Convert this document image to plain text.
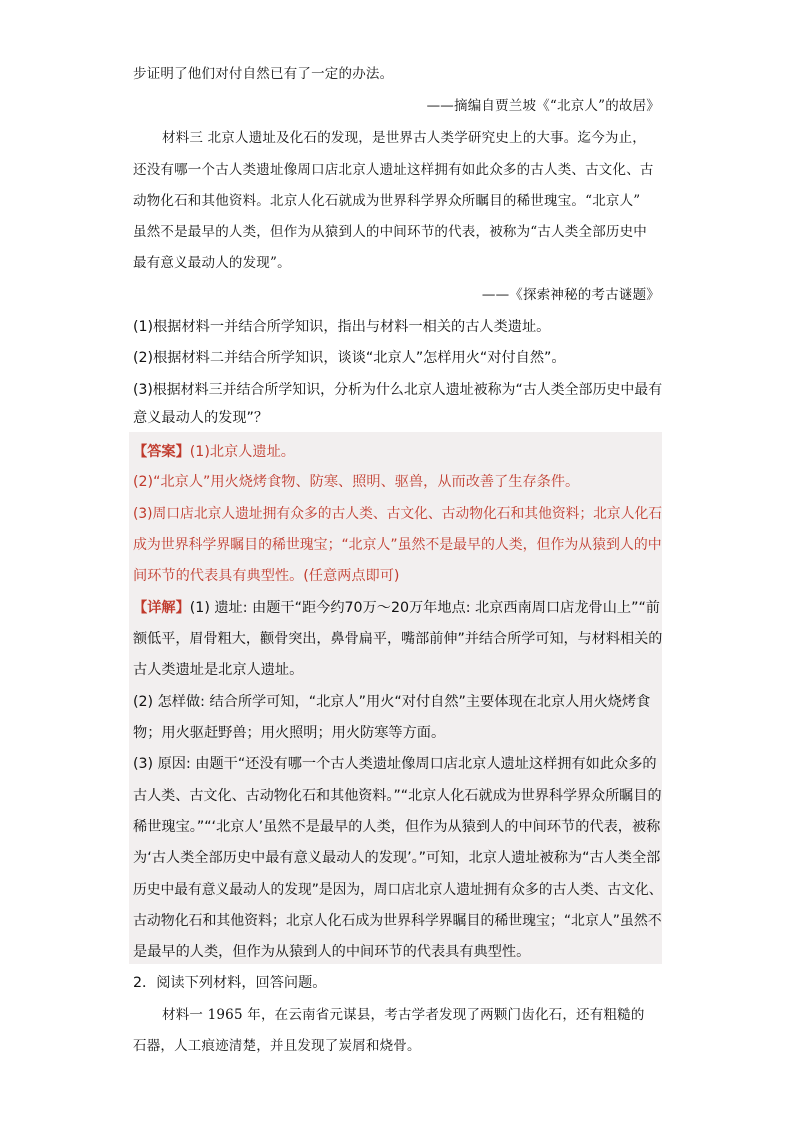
步证明了他们对付自然已有了一定的办法。
——摘编自贾兰坡《“北京人”的故居》
材料三 北京人遗址及化石的发现，是世界古人类学研究史上的大事。迄今为止，
还没有哪一个古人类遗址像周口店北京人遗址这样拥有如此众多的古人类、古文化、古
动物化石和其他资料。北京人化石就成为世界科学界众所瞩目的稀世瑰宝。“北京人”
虽然不是最早的人类，但作为从猿到人的中间环节的代表，被称为“古人类全部历史中
最有意义最动人的发现”。
——《探索神秘的考古谜题》
(1)根据材料一并结合所学知识，指出与材料一相关的古人类遗址。
(2)根据材料二并结合所学知识，谈谈“北京人”怎样用火“对付自然”。
(3)根据材料三并结合所学知识，分析为什么北京人遗址被称为“古人类全部历史中最有
意义最动人的发现”？
【答案】(1)北京人遗址。
(2)“北京人”用火烧烤食物、防寒、照明、驱兽，从而改善了生存条件。
(3)周口店北京人遗址拥有众多的古人类、古文化、古动物化石和其他资料；北京人化石
成为世界科学界瞩目的稀世瑰宝；“北京人”虽然不是最早的人类，但作为从猿到人的中
间环节的代表具有典型性。(任意两点即可)
【详解】(1) 遗址: 由题干“距今约70万～20万年地点: 北京西南周口店龙骨山上”“前
额低平，眉骨粗大，颧骨突出，鼻骨扁平，嘴部前伸”并结合所学可知，与材料相关的
古人类遗址是北京人遗址。
(2) 怎样做: 结合所学可知，“北京人”用火“对付自然”主要体现在北京人用火烧烤食
物；用火驱赶野兽；用火照明；用火防寒等方面。
(3) 原因: 由题干“还没有哪一个古人类遗址像周口店北京人遗址这样拥有如此众多的
古人类、古文化、古动物化石和其他资料。”“北京人化石就成为世界科学界众所瞩目的
稀世瑰宝。”“‘北京人’虽然不是最早的人类，但作为从猿到人的中间环节的代表，被称
为‘古人类全部历史中最有意义最动人的发现’。”可知，北京人遗址被称为“古人类全部
历史中最有意义最动人的发现”是因为，周口店北京人遗址拥有众多的古人类、古文化、
古动物化石和其他资料；北京人化石成为世界科学界瞩目的稀世瑰宝；“北京人”虽然不
是最早的人类，但作为从猿到人的中间环节的代表具有典型性。
2．阅读下列材料，回答问题。
材料一 1965 年，在云南省元谋县，考古学者发现了两颗门齿化石，还有粗糙的
石器，人工痕迹清楚，并且发现了炭屑和烧骨。
